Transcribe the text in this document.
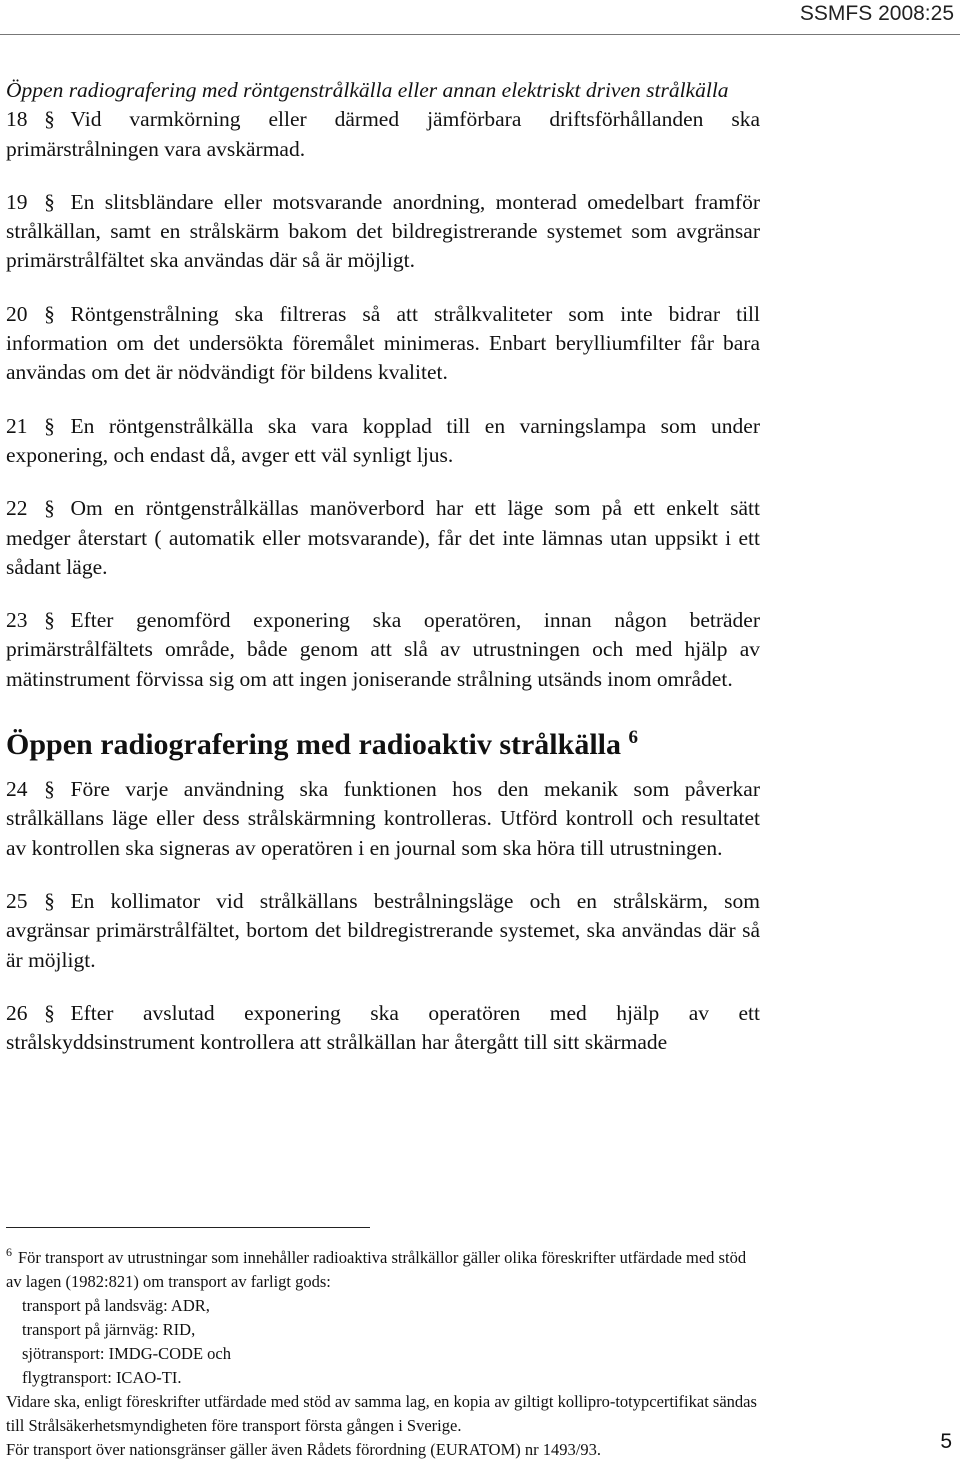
SSMFS 2008:25

Öppen radiografering med röntgenstrålkälla eller annan elektriskt driven strålkälla

18 § Vid varmkörning eller därmed jämförbara driftsförhållanden ska primärstrålningen vara avskärmad.

19 § En slitsbländare eller motsvarande anordning, monterad omedelbart framför strålkällan, samt en strålskärm bakom det bildregistrerande systemet som avgränsar primärstrålfältet ska användas där så är möjligt.

20 § Röntgenstrålning ska filtreras så att strålkvaliteter som inte bidrar till information om det undersökta föremålet minimeras. Enbart berylliumfilter får bara användas om det är nödvändigt för bildens kvalitet.

21 § En röntgenstrålkälla ska vara kopplad till en varningslampa som under exponering, och endast då, avger ett väl synligt ljus.

22 § Om en röntgenstrålkällas manöverbord har ett läge som på ett enkelt sätt medger återstart ( automatik eller motsvarande), får det inte lämnas utan uppsikt i ett sådant läge.

23 § Efter genomförd exponering ska operatören, innan någon beträder primärstrålfältets område, både genom att slå av utrustningen och med hjälp av mätinstrument förvissa sig om att ingen joniserande strålning utsänds inom området.

Öppen radiografering med radioaktiv strålkälla $^6$

24 § Före varje användning ska funktionen hos den mekanik som påverkar strålkällans läge eller dess strålskärmning kontrolleras. Utförd kontroll och resultatet av kontrollen ska signeras av operatören i en journal som ska höra till utrustningen.

25 § En kollimator vid strålkällans bestrålningsläge och en strålskärm, som avgränsar primärstrålfältet, bortom det bildregistrerande systemet, ska användas där så är möjligt.

26 § Efter avslutad exponering ska operatören med hjälp av ett strålskyddsinstrument kontrollera att strålkällan har återgått till sitt skärmade

$^6$ För transport av utrustningar som innehåller radioaktiva strålkällor gäller olika föreskrifter utfärdade med stöd av lagen (1982:821) om transport av farligt gods:

transport på landsväg: ADR,

transport på järnväg: RID,

sjötransport: IMDG-CODE och

flygtransport: ICAO-TI.

Vidare ska, enligt föreskrifter utfärdade med stöd av samma lag, en kopia av giltigt kollipro-totypcertifikat sändas till Strålsäkerhetsmyndigheten före transport första gången i Sverige.

För transport över nationsgränser gäller även Rådets förordning (EURATOM) nr 1493/93.	5
